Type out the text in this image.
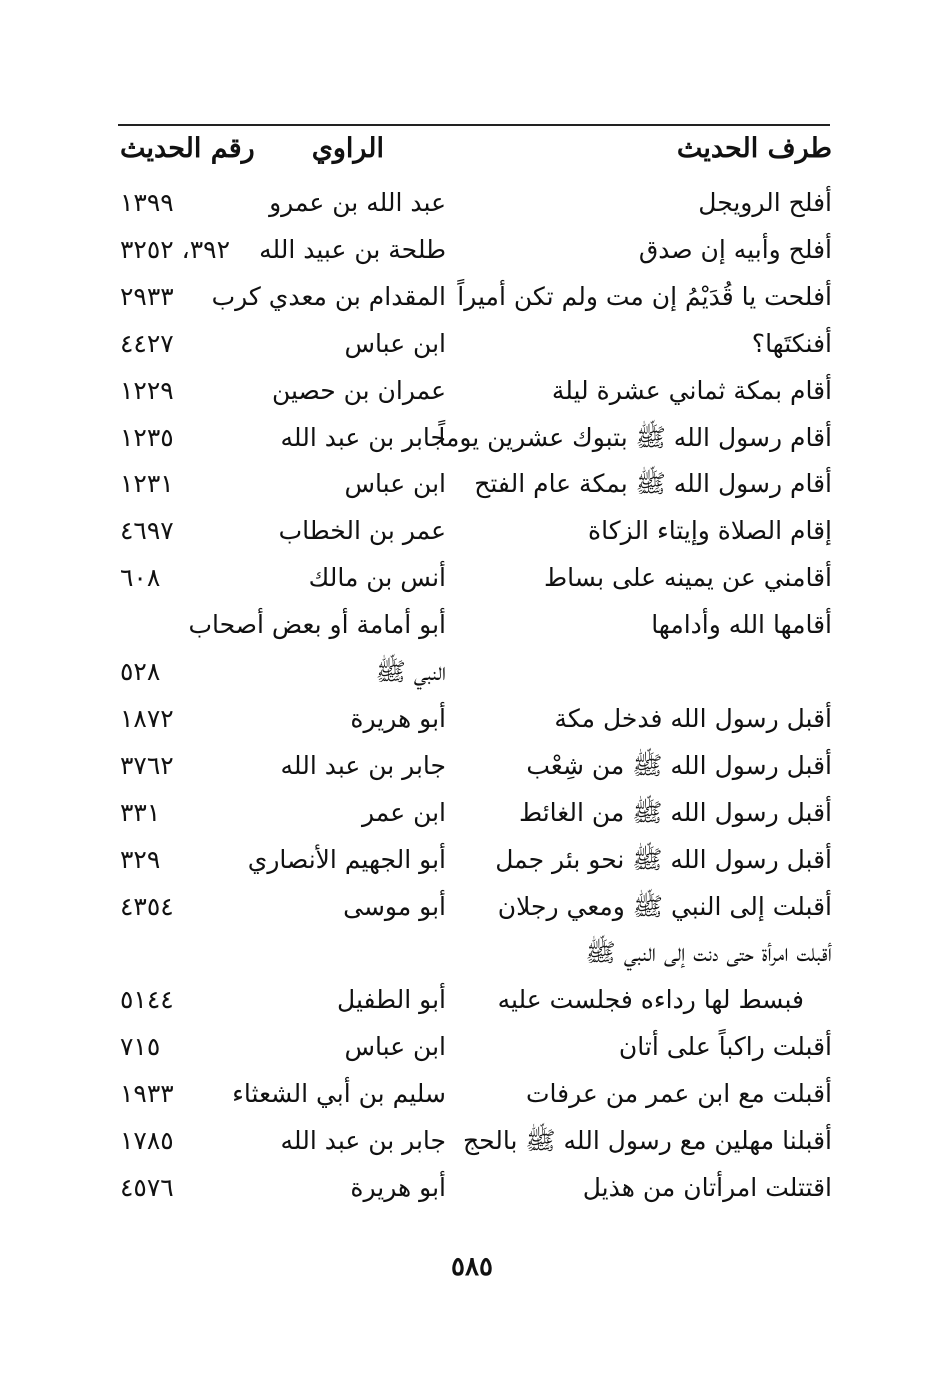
طرف الحديث
الراوي
رقم الحديث
أفلح الرويجل
عبد الله بن عمرو
١٣٩٩
أفلح وأبيه إن صدق
طلحة بن عبيد الله
٣٩٢، ٣٢٥٢
أفلحت يا قُدَيْمُ إن مت ولم تكن أميراً
المقدام بن معدي كرب
٢٩٣٣
أفنكتَها؟
ابن عباس
٤٤٢٧
أقام بمكة ثماني عشرة ليلة
عمران بن حصين
١٢٢٩
أقام رسول الله ﷺ بتبوك عشرين يوماً
جابر بن عبد الله
١٢٣٥
أقام رسول الله ﷺ بمكة عام الفتح
ابن عباس
١٢٣١
إقام الصلاة وإيتاء الزكاة
عمر بن الخطاب
٤٦٩٧
أقامني عن يمينه على بساط
أنس بن مالك
٦٠٨
أقامها الله وأدامها
أبو أمامة أو بعض أصحاب
النبي ﷺ
٥٢٨
أقبل رسول الله فدخل مكة
أبو هريرة
١٨٧٢
أقبل رسول الله ﷺ من شِعْب
جابر بن عبد الله
٣٧٦٢
أقبل رسول الله ﷺ من الغائط
ابن عمر
٣٣١
أقبل رسول الله ﷺ نحو بئر جمل
أبو الجهيم الأنصاري
٣٢٩
أقبلت إلى النبي ﷺ ومعي رجلان
أبو موسى
٤٣٥٤
أقبلت امرأة حتى دنت إلى النبي ﷺ
فبسط لها رداءه فجلست عليه
أبو الطفيل
٥١٤٤
أقبلت راكباً على أتان
ابن عباس
٧١٥
أقبلت مع ابن عمر من عرفات
سليم بن أبي الشعثاء
١٩٣٣
أقبلنا مهلين مع رسول الله ﷺ بالحج
جابر بن عبد الله
١٧٨٥
اقتتلت امرأتان من هذيل
أبو هريرة
٤٥٧٦
٥٨٥
